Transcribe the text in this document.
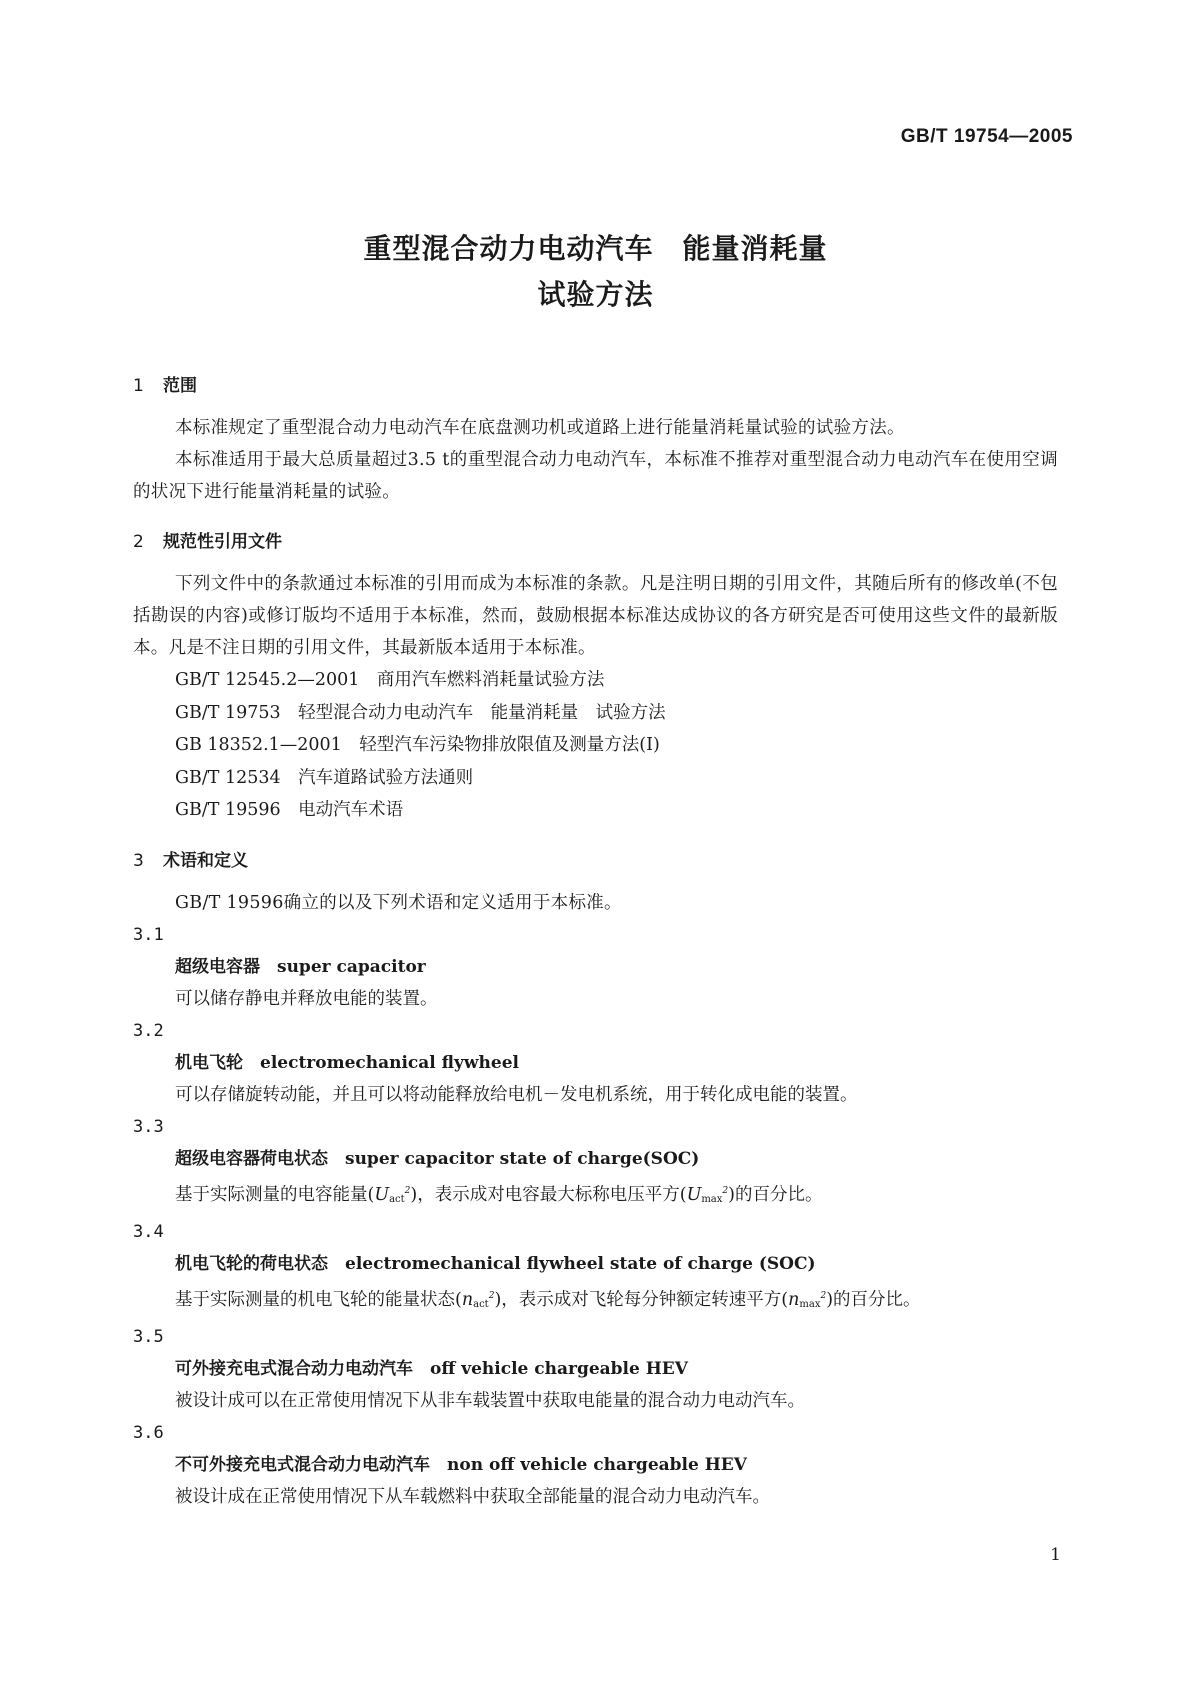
GB/T 19754—2005
重型混合动力电动汽车　能量消耗量
试验方法
1 范围
本标准规定了重型混合动力电动汽车在底盘测功机或道路上进行能量消耗量试验的试验方法。
本标准适用于最大总质量超过3.5 t的重型混合动力电动汽车，本标准不推荐对重型混合动力电动汽车在使用空调的状况下进行能量消耗量的试验。
2 规范性引用文件
下列文件中的条款通过本标准的引用而成为本标准的条款。凡是注明日期的引用文件，其随后所有的修改单(不包括勘误的内容)或修订版均不适用于本标准，然而，鼓励根据本标准达成协议的各方研究是否可使用这些文件的最新版本。凡是不注日期的引用文件，其最新版本适用于本标准。
GB/T 12545.2—2001　商用汽车燃料消耗量试验方法
GB/T 19753　轻型混合动力电动汽车　能量消耗量　试验方法
GB 18352.1—2001　轻型汽车污染物排放限值及测量方法(Ⅰ)
GB/T 12534　汽车道路试验方法通则
GB/T 19596　电动汽车术语
3 术语和定义
GB/T 19596确立的以及下列术语和定义适用于本标准。
3.1
超级电容器　 super capacitor
可以储存静电并释放电能的装置。
3.2
机电飞轮　 electromechanical flywheel
可以存储旋转动能，并且可以将动能释放给电机－发电机系统，用于转化成电能的装置。
3.3
超级电容器荷电状态　 super capacitor state of charge(SOC)
基于实际测量的电容能量$(U_{act}^2)$，表示成对电容最大标称电压平方$(U_{max}^2)$的百分比。
3.4
机电飞轮的荷电状态　 electromechanical flywheel state of charge (SOC)
基于实际测量的机电飞轮的能量状态$(n_{act}^2)$，表示成对飞轮每分钟额定转速平方$(n_{max}^2)$的百分比。
3.5
可外接充电式混合动力电动汽车　 off vehicle chargeable HEV
被设计成可以在正常使用情况下从非车载装置中获取电能量的混合动力电动汽车。
3.6
不可外接充电式混合动力电动汽车　 non off vehicle chargeable HEV
被设计成在正常使用情况下从车载燃料中获取全部能量的混合动力电动汽车。
1
